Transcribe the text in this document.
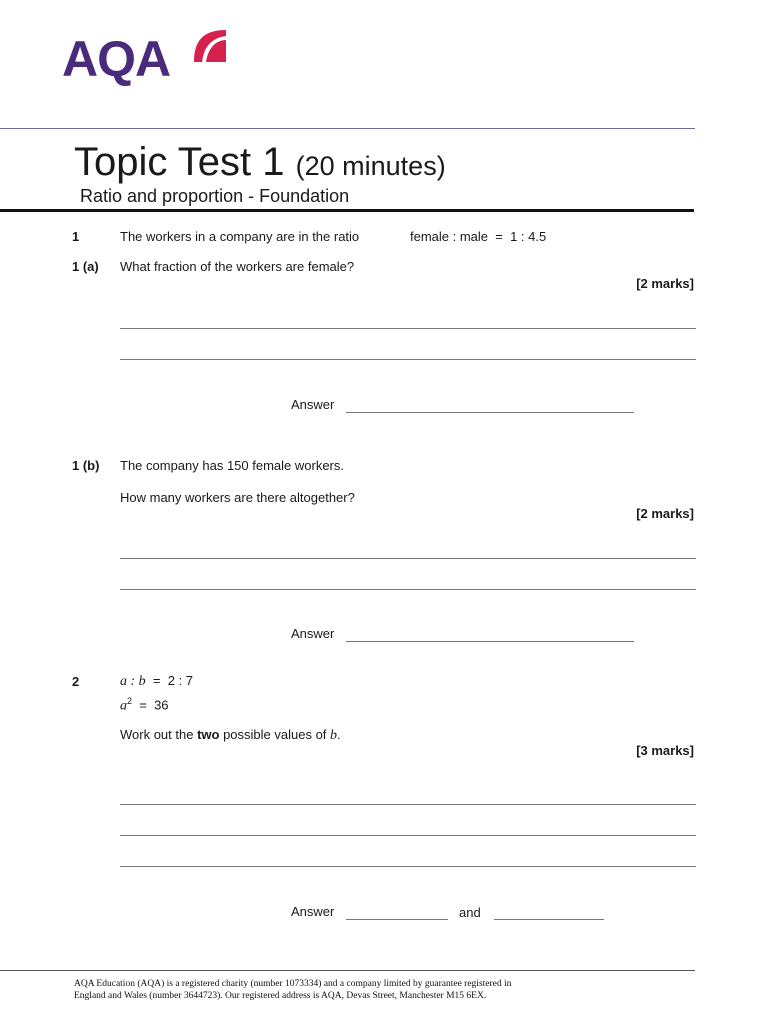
AQA
Topic Test 1 (20 minutes)
Ratio and proportion - Foundation
1	The workers in a company are in the ratio	female : male  =  1 : 4.5
1 (a) What fraction of the workers are female?
[2 marks]
Answer
1 (b) The company has 150 female workers.
How many workers are there altogether?
[2 marks]
Answer
2	a : b =  2 : 7
$a^2 = 36$
Work out the two possible values of b.
[3 marks]
Answer	and
AQA Education (AQA) is a registered charity (number 1073334) and a company limited by guarantee registered in
England and Wales (number 3644723). Our registered address is AQA, Devas Street, Manchester M15 6EX.
